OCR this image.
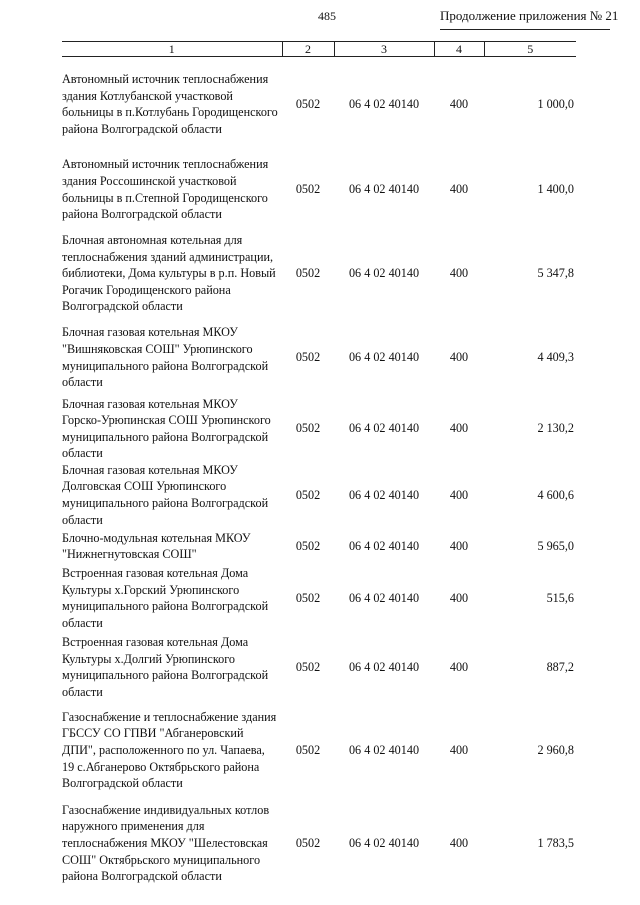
485	Продолжение приложения № 21
1	2	3	4	5
Автономный источник теплоснабжения здания Котлубанской участковой больницы в п.Котлубань Городищенского района Волгоградской области	0502	06 4 02 40140	400	1 000,0
Автономный источник теплоснабжения здания Россошинской участковой больницы в п.Степной Городищенского района Волгоградской области	0502	06 4 02 40140	400	1 400,0
Блочная автономная котельная для теплоснабжения зданий администрации, библиотеки, Дома культуры в р.п. Новый Рогачик Городищенского района Волгоградской области	0502	06 4 02 40140	400	5 347,8
Блочная газовая котельная МКОУ "Вишняковская СОШ" Урюпинского муниципального района Волгоградской области	0502	06 4 02 40140	400	4 409,3
Блочная газовая котельная МКОУ Горско-Урюпинская СОШ Урюпинского муниципального района Волгоградской области	0502	06 4 02 40140	400	2 130,2
Блочная газовая котельная МКОУ Долговская СОШ Урюпинского муниципального района Волгоградской области	0502	06 4 02 40140	400	4 600,6
Блочно-модульная котельная МКОУ "Нижнегнутовская СОШ"	0502	06 4 02 40140	400	5 965,0
Встроенная газовая котельная Дома Культуры х.Горский Урюпинского муниципального района Волгоградской области	0502	06 4 02 40140	400	515,6
Встроенная газовая котельная Дома Культуры х.Долгий Урюпинского муниципального района Волгоградской области	0502	06 4 02 40140	400	887,2
Газоснабжение и теплоснабжение здания ГБССУ СО ГПВИ "Абганеровский ДПИ", расположенного по ул. Чапаева, 19 с.Абганерово Октябрьского района Волгоградской области	0502	06 4 02 40140	400	2 960,8
Газоснабжение индивидуальных котлов наружного применения для теплоснабжения МКОУ "Шелестовская СОШ" Октябрьского муниципального района Волгоградской области	0502	06 4 02 40140	400	1 783,5
